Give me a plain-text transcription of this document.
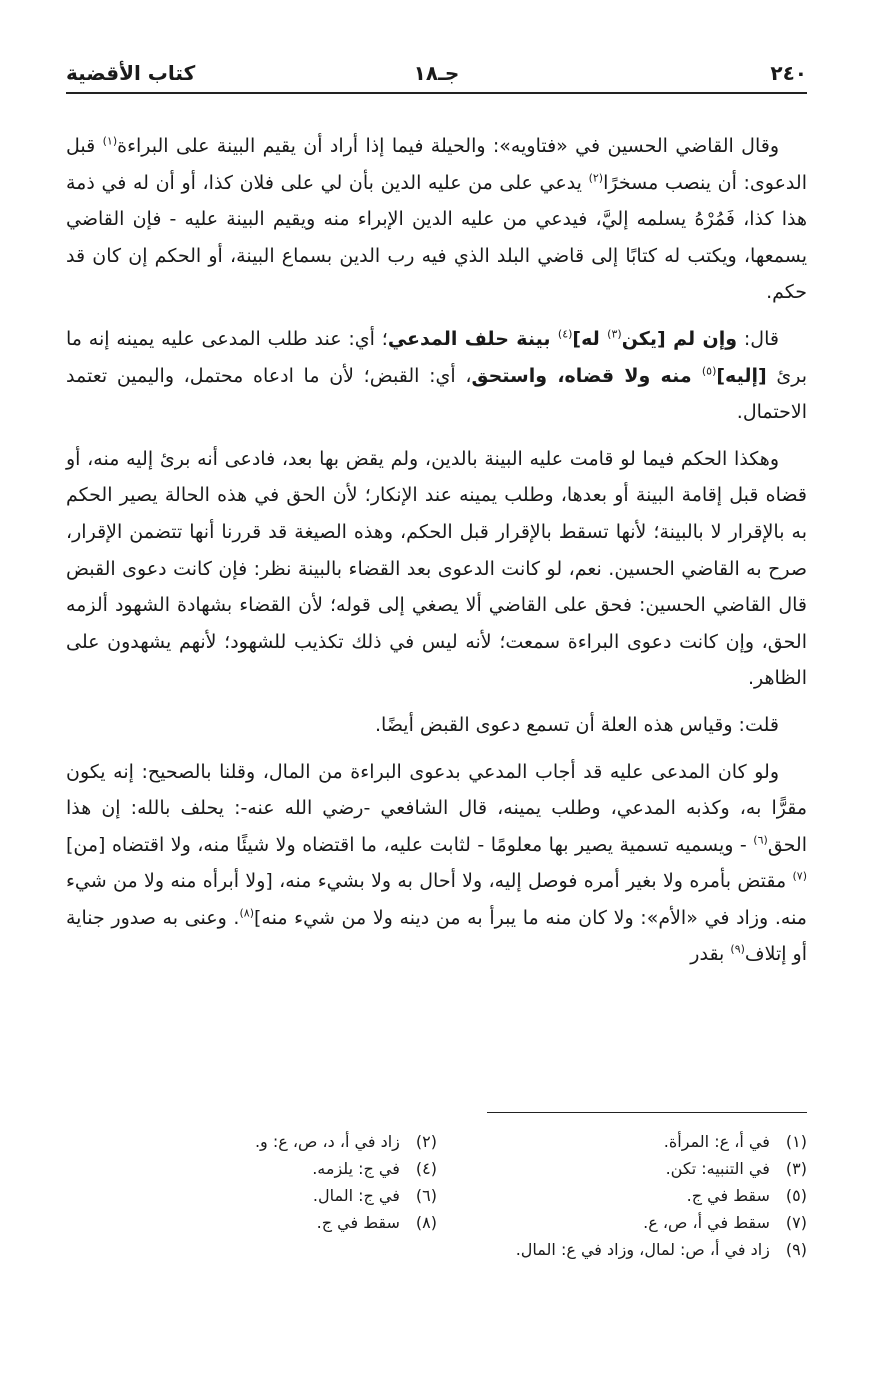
٢٤٠
جـ١٨
كتاب الأقضية

وقال القاضي الحسين في «فتاويه»: والحيلة فيما إذا أراد أن يقيم البينة على البراءة$^{(١)}$ قبل الدعوى: أن ينصب مسخرًا$^{(٢)}$ يدعي على من عليه الدين بأن لي على فلان كذا، أو أن له في ذمة هذا كذا، فَمُرْهُ يسلمه إليَّ، فيدعي من عليه الدين الإبراء منه ويقيم البينة عليه - فإن القاضي يسمعها، ويكتب له كتابًا إلى قاضي البلد الذي فيه رب الدين بسماع البينة، أو الحكم إن كان قد حكم.

قال: وإن لم [يكن$^{(٣)}$ له]$^{(٤)}$ بينة حلف المدعي؛ أي: عند طلب المدعى عليه يمينه إنه ما برئ [إليه]$^{(٥)}$ منه ولا قضاه، واستحق، أي: القبض؛ لأن ما ادعاه محتمل، واليمين تعتمد الاحتمال.

وهكذا الحكم فيما لو قامت عليه البينة بالدين، ولم يقض بها بعد، فادعى أنه برئ إليه منه، أو قضاه قبل إقامة البينة أو بعدها، وطلب يمينه عند الإنكار؛ لأن الحق في هذه الحالة يصير الحكم به بالإقرار لا بالبينة؛ لأنها تسقط بالإقرار قبل الحكم، وهذه الصيغة قد قررنا أنها تتضمن الإقرار، صرح به القاضي الحسين. نعم، لو كانت الدعوى بعد القضاء بالبينة نظر: فإن كانت دعوى القبض قال القاضي الحسين: فحق على القاضي ألا يصغي إلى قوله؛ لأن القضاء بشهادة الشهود ألزمه الحق، وإن كانت دعوى البراءة سمعت؛ لأنه ليس في ذلك تكذيب للشهود؛ لأنهم يشهدون على الظاهر.

قلت: وقياس هذه العلة أن تسمع دعوى القبض أيضًا.

ولو كان المدعى عليه قد أجاب المدعي بدعوى البراءة من المال، وقلنا بالصحيح: إنه يكون مقرًّا به، وكذبه المدعي، وطلب يمينه، قال الشافعي -رضي الله عنه-: يحلف بالله: إن هذا الحق$^{(٦)}$ - ويسميه تسمية يصير بها معلومًا - لثابت عليه، ما اقتضاه ولا شيئًا منه، ولا اقتضاه [من]$^{(٧)}$ مقتض بأمره ولا بغير أمره فوصل إليه، ولا أحال به ولا بشيء منه، [ولا أبرأه منه ولا من شيء منه. وزاد في «الأم»: ولا كان منه ما يبرأ به من دينه ولا من شيء منه]$^{(٨)}$. وعنى به صدور جناية أو إتلاف$^{(٩)}$ بقدر

(١) في أ، ع: المرأة.
(٢) زاد في أ، د، ص، ع: و.
(٣) في التنبيه: تكن.
(٤) في ج: يلزمه.
(٥) سقط في ج.
(٦) في ج: المال.
(٧) سقط في أ، ص، ع.
(٨) سقط في ج.
(٩) زاد في أ، ص: لمال، وزاد في ع: المال.
